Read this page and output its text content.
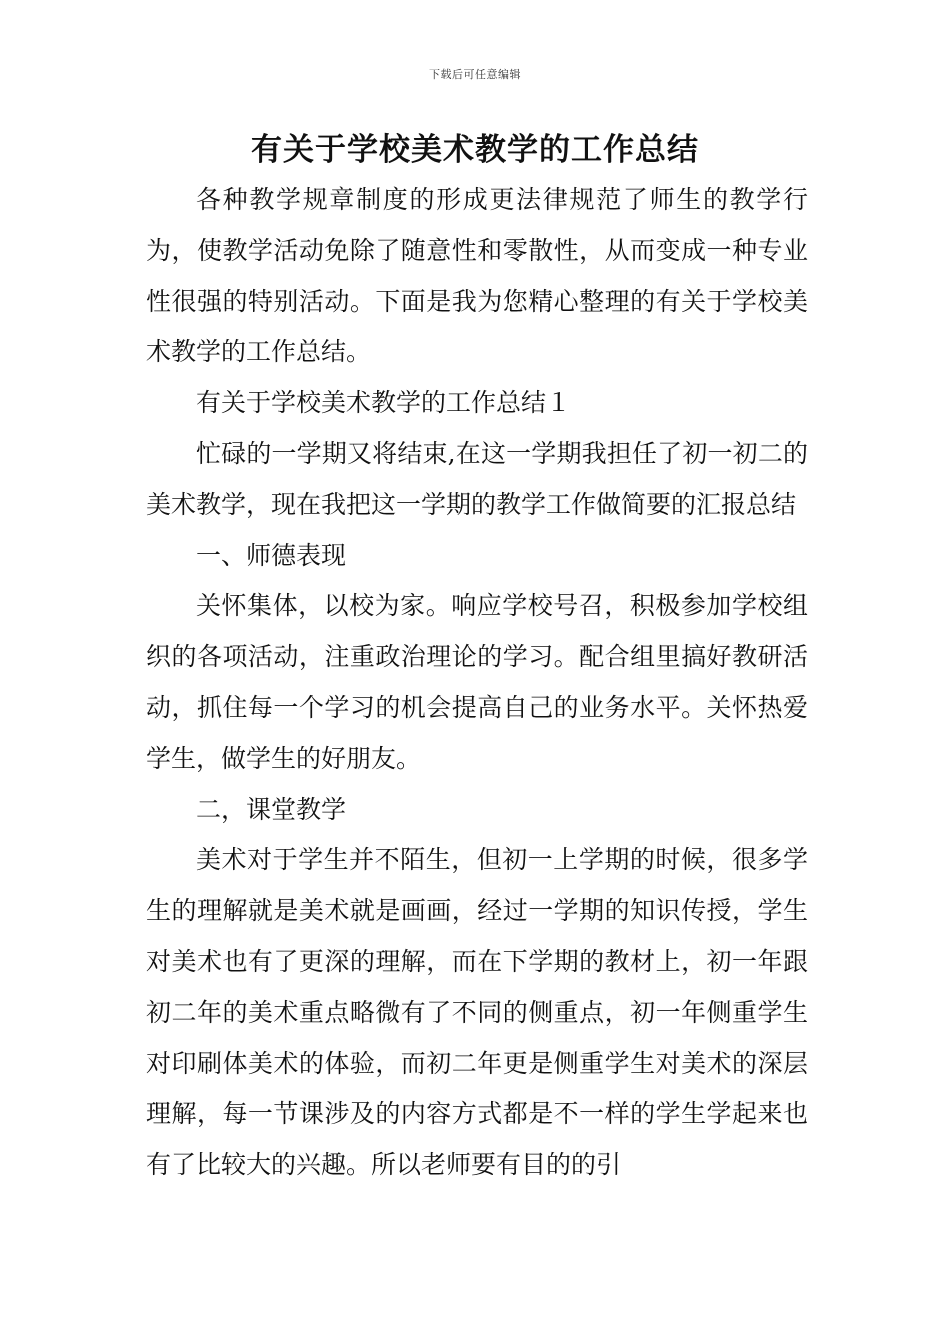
下载后可任意编辑
有关于学校美术教学的工作总结

各种教学规章制度的形成更法律规范了师生的教学行为，使教学活动免除了随意性和零散性，从而变成一种专业性很强的特别活动。下面是我为您精心整理的有关于学校美术教学的工作总结。

有关于学校美术教学的工作总结１

忙碌的一学期又将结束,在这一学期我担任了初一初二的美术教学，现在我把这一学期的教学工作做简要的汇报总结

一、师德表现

关怀集体，以校为家。响应学校号召，积极参加学校组织的各项活动，注重政治理论的学习。配合组里搞好教研活动，抓住每一个学习的机会提高自己的业务水平。关怀热爱学生，做学生的好朋友。

二，课堂教学

美术对于学生并不陌生，但初一上学期的时候，很多学生的理解就是美术就是画画，经过一学期的知识传授，学生对美术也有了更深的理解，而在下学期的教材上，初一年跟初二年的美术重点略微有了不同的侧重点，初一年侧重学生对印刷体美术的体验，而初二年更是侧重学生对美术的深层理解，每一节课涉及的内容方式都是不一样的学生学起来也有了比较大的兴趣。所以老师要有目的的引
